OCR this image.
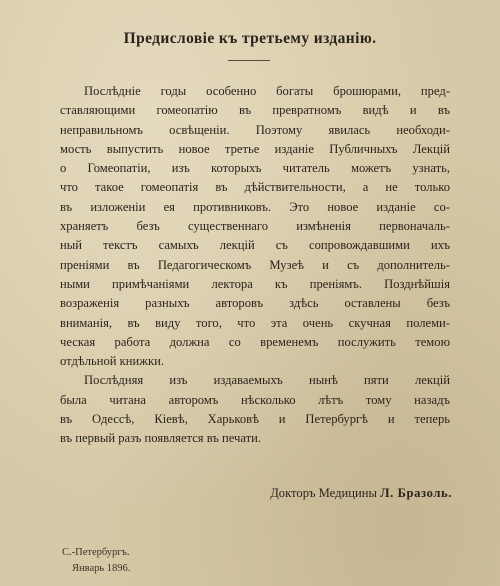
Предисловіе къ третьему изданію.
Послѣдніе годы особенно богаты брошюрами, пред-
ставляющими гомеопатію въ превратномъ видѣ и въ
неправильномъ освѣщеніи. Поэтому явилась необходи-
мость выпустить новое третье изданіе Публичныхъ Лекцій
о Гомеопатіи, изъ которыхъ читатель можетъ узнать,
что такое гомеопатія въ дѣйствительности, а не только
въ изложеніи ея противниковъ. Это новое изданіе со-
храняетъ безъ существеннаго измѣненія первоначаль-
ный текстъ самыхъ лекцій съ сопровождавшими ихъ
преніями въ Педагогическомъ Музеѣ и съ дополнитель-
ными примѣчаніями лектора къ преніямъ. Позднѣйшія
возраженія разныхъ авторовъ здѣсь оставлены безъ
вниманія, въ виду того, что эта очень скучная полеми-
ческая работа должна со временемъ послужить темою
отдѣльной книжки.
Послѣдняя изъ издаваемыхъ нынѣ пяти лекцій
была читана авторомъ нѣсколько лѣтъ тому назадъ
въ Одессѣ, Кіевѣ, Харьковѣ и Петербургѣ и теперь
въ первый разъ появляется въ печати.
Докторъ Медицины Л. Бразоль.
С.-Петербургъ.
Январь 1896.
